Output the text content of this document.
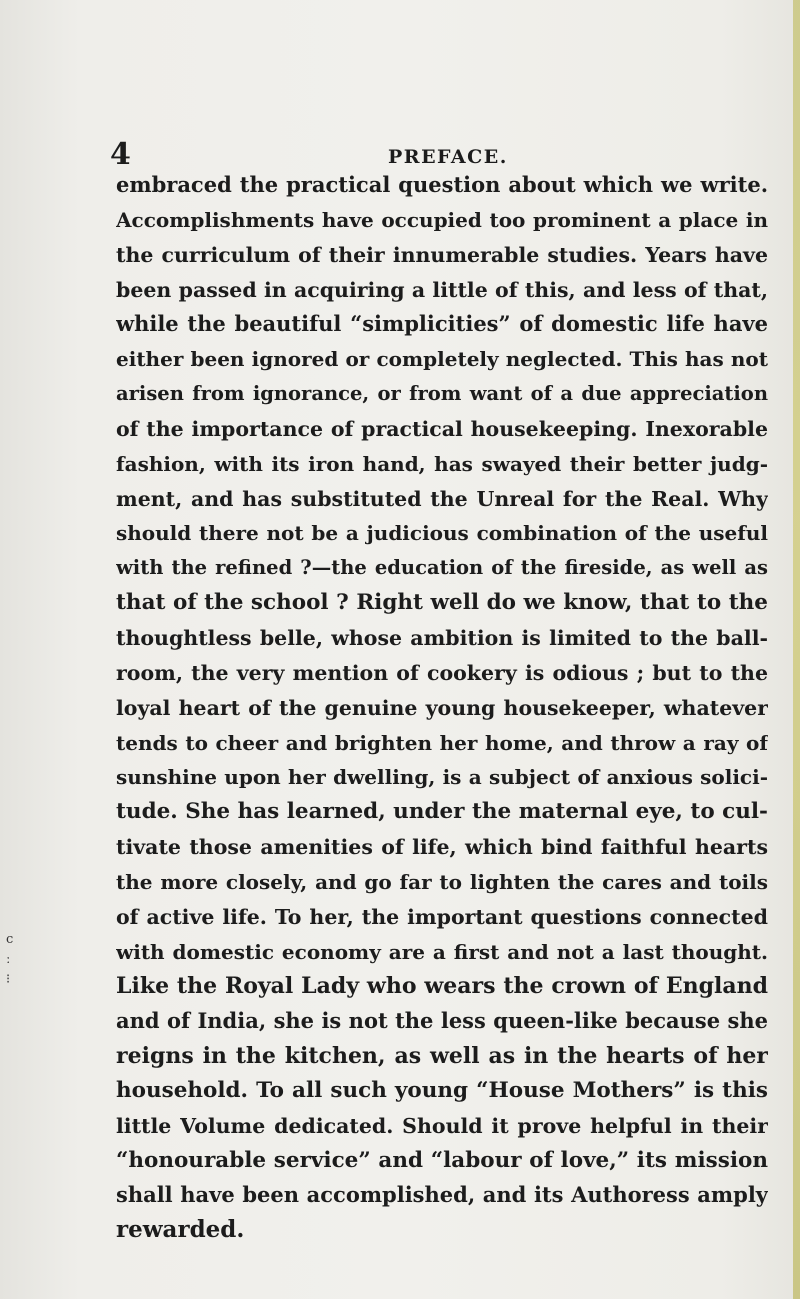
4	PREFACE.
embraced the practical question about which we write.
Accomplishments have occupied too prominent a place in
the curriculum of their innumerable studies. Years have
been passed in acquiring a little of this, and less of that,
while the beautiful “simplicities” of domestic life have
either been ignored or completely neglected. This has not
arisen from ignorance, or from want of a due appreciation
of the importance of practical housekeeping. Inexorable
fashion, with its iron hand, has swayed their better judg-
ment, and has substituted the Unreal for the Real. Why
should there not be a judicious combination of the useful
with the refined ?—the education of the fireside, as well as
that of the school ? Right well do we know, that to the
thoughtless belle, whose ambition is limited to the ball-
room, the very mention of cookery is odious ; but to the
loyal heart of the genuine young housekeeper, whatever
tends to cheer and brighten her home, and throw a ray of
sunshine upon her dwelling, is a subject of anxious solici-
tude. She has learned, under the maternal eye, to cul-
tivate those amenities of life, which bind faithful hearts
the more closely, and go far to lighten the cares and toils
of active life. To her, the important questions connected
with domestic economy are a first and not a last thought.
Like the Royal Lady who wears the crown of England
and of India, she is not the less queen-like because she
reigns in the kitchen, as well as in the hearts of her
household. To all such young “House Mothers” is this
little Volume dedicated. Should it prove helpful in their
“honourable service” and “labour of love,” its mission
shall have been accomplished, and its Authoress amply
rewarded.
c
ː
⁝
